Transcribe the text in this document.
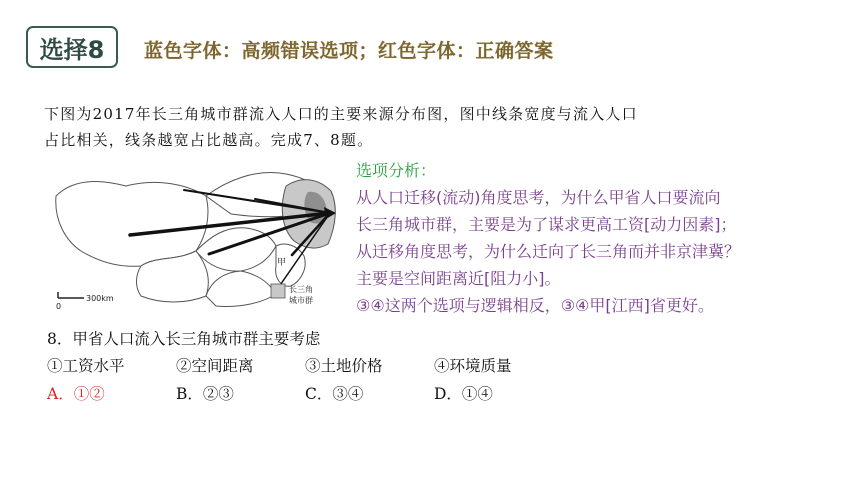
选择8	蓝色字体：高频错误选项；红色字体：正确答案
下图为2017年长三角城市群流入人口的主要来源分布图，图中线条宽度与流入人口
占比相关，线条越宽占比越高。完成7、8题。
甲
0
300km
长三角
城市群
选项分析：
从人口迁移(流动)角度思考，为什么甲省人口要流向
长三角城市群，主要是为了谋求更高工资[动力因素]；
从迁移角度思考，为什么迁向了长三角而并非京津冀？
主要是空间距离近[阻力小]。
③④这两个选项与逻辑相反，③④甲[江西]省更好。
8．甲省人口流入长三角城市群主要考虑
①工资水平	②空间距离	③土地价格	④环境质量
A．①②	B．②③	C．③④	D．①④
